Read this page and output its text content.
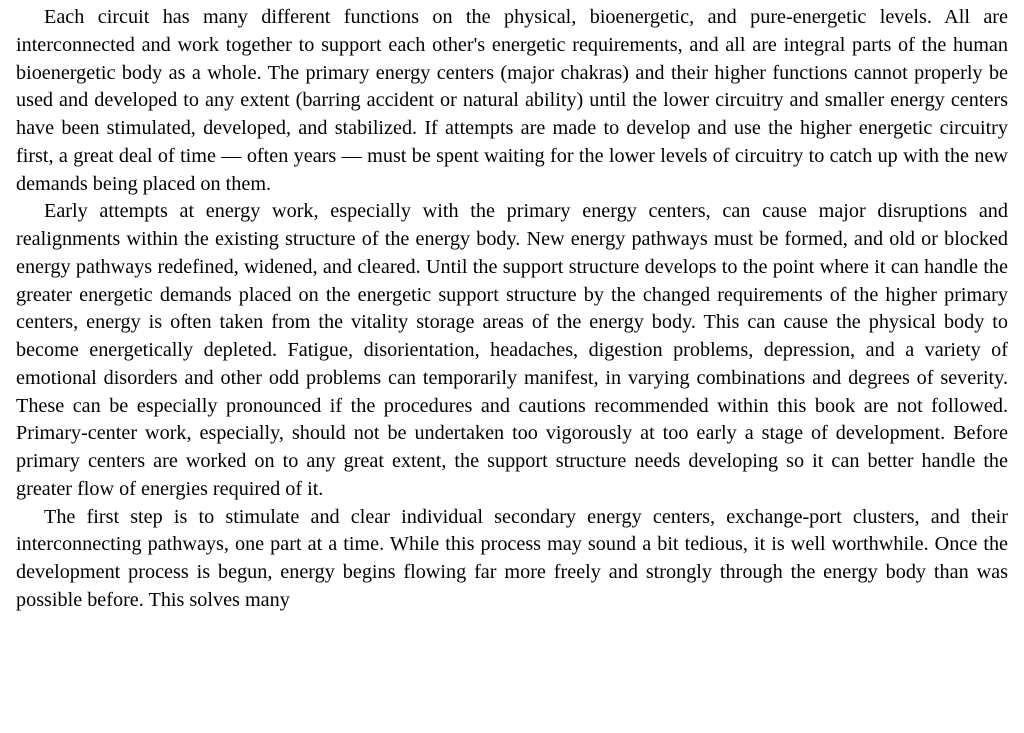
Each circuit has many different functions on the physical, bioenergetic, and pure-energetic levels. All are interconnected and work together to support each other's energetic requirements, and all are integral parts of the human bioenergetic body as a whole. The primary energy centers (major chakras) and their higher functions cannot properly be used and developed to any extent (barring accident or natural ability) until the lower circuitry and smaller energy centers have been stimulated, developed, and stabilized. If attempts are made to develop and use the higher energetic circuitry first, a great deal of time — often years — must be spent waiting for the lower levels of circuitry to catch up with the new demands being placed on them.

Early attempts at energy work, especially with the primary energy centers, can cause major disruptions and realignments within the existing structure of the energy body. New energy pathways must be formed, and old or blocked energy pathways redefined, widened, and cleared. Until the support structure develops to the point where it can handle the greater energetic demands placed on the energetic support structure by the changed requirements of the higher primary centers, energy is often taken from the vitality storage areas of the energy body. This can cause the physical body to become energetically depleted. Fatigue, disorientation, headaches, digestion problems, depression, and a variety of emotional disorders and other odd problems can temporarily manifest, in varying combinations and degrees of severity. These can be especially pronounced if the procedures and cautions recommended within this book are not followed. Primary-center work, especially, should not be undertaken too vigorously at too early a stage of development. Before primary centers are worked on to any great extent, the support structure needs developing so it can better handle the greater flow of energies required of it.

The first step is to stimulate and clear individual secondary energy centers, exchange-port clusters, and their interconnecting pathways, one part at a time. While this process may sound a bit tedious, it is well worthwhile. Once the development process is begun, energy begins flowing far more freely and strongly through the energy body than was possible before. This solves many
